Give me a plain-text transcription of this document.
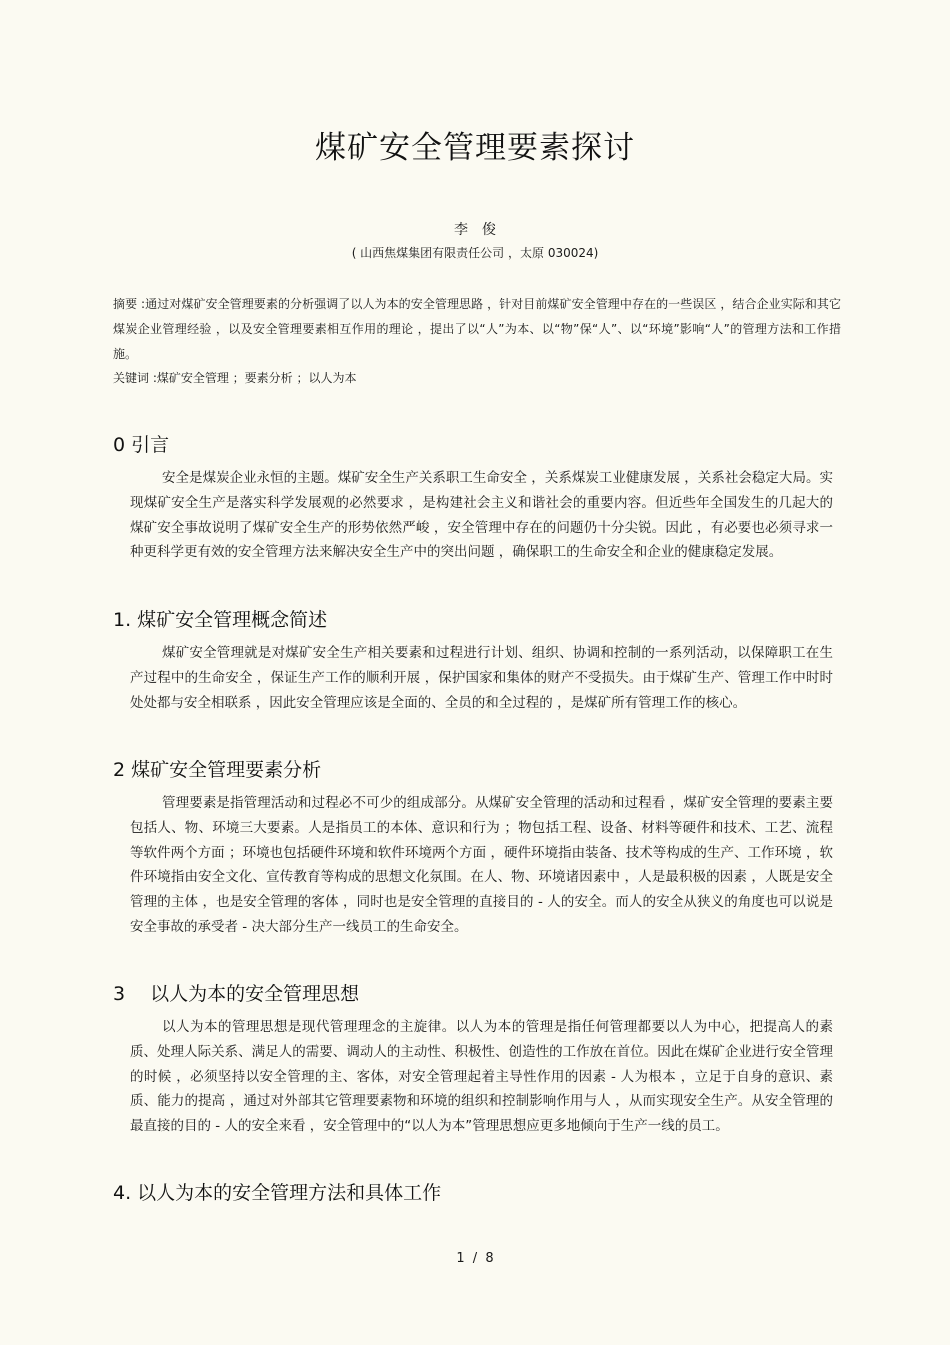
煤矿安全管理要素探讨
李　俊
( 山西焦煤集团有限责任公司 ，太原 030024)

摘要 :通过对煤矿安全管理要素的分析强调了以人为本的安全管理思路 ，针对目前煤矿安全管理中存在的一些误区 ，结合企业实际和其它煤炭企业管理经验 ，以及安全管理要素相互作用的理论 ，提出了以“人”为本、以“物”保“人”、以“环境”影响“人”的管理方法和工作措施。

关键词 :煤矿安全管理 ；要素分析 ；以人为本
0 引言

安全是煤炭企业永恒的主题。煤矿安全生产关系职工生命安全 ，关系煤炭工业健康发展 ，关系社会稳定大局。实现煤矿安全生产是落实科学发展观的必然要求 ，是构建社会主义和谐社会的重要内容。但近些年全国发生的几起大的煤矿安全事故说明了煤矿安全生产的形势依然严峻 ，安全管理中存在的问题仍十分尖锐。因此 ，有必要也必须寻求一种更科学更有效的安全管理方法来解决安全生产中的突出问题 ，确保职工的生命安全和企业的健康稳定发展。

1. 煤矿安全管理概念简述

煤矿安全管理就是对煤矿安全生产相关要素和过程进行计划、组织、协调和控制的一系列活动，以保障职工在生产过程中的生命安全 ，保证生产工作的顺利开展 ，保护国家和集体的财产不受损失。由于煤矿生产、管理工作中时时处处都与安全相联系 ，因此安全管理应该是全面的、全员的和全过程的 ，是煤矿所有管理工作的核心。

2 煤矿安全管理要素分析

管理要素是指管理活动和过程必不可少的组成部分。从煤矿安全管理的活动和过程看 ，煤矿安全管理的要素主要包括人、物、环境三大要素。人是指员工的本体、意识和行为 ；物包括工程、设备、材料等硬件和技术、工艺、流程等软件两个方面 ；环境也包括硬件环境和软件环境两个方面 ，硬件环境指由装备、技术等构成的生产、工作环境 ，软件环境指由安全文化、宣传教育等构成的思想文化氛围。在人、物、环境诸因素中 ，人是最积极的因素 ，人既是安全管理的主体 ，也是安全管理的客体 ，同时也是安全管理的直接目的 - 人的安全。而人的安全从狭义的角度也可以说是安全事故的承受者 - 决大部分生产一线员工的生命安全。

3　 以人为本的安全管理思想

以人为本的管理思想是现代管理理念的主旋律。以人为本的管理是指任何管理都要以人为中心，把提高人的素质、处理人际关系、满足人的需要、调动人的主动性、积极性、创造性的工作放在首位。因此在煤矿企业进行安全管理的时候 ，必须坚持以安全管理的主、客体，对安全管理起着主导性作用的因素 - 人为根本 ，立足于自身的意识、素质、能力的提高 ，通过对外部其它管理要素物和环境的组织和控制影响作用与人 ，从而实现安全生产。从安全管理的最直接的目的 - 人的安全来看 ，安全管理中的“以人为本”管理思想应更多地倾向于生产一线的员工。

4. 以人为本的安全管理方法和具体工作
1 / 8
